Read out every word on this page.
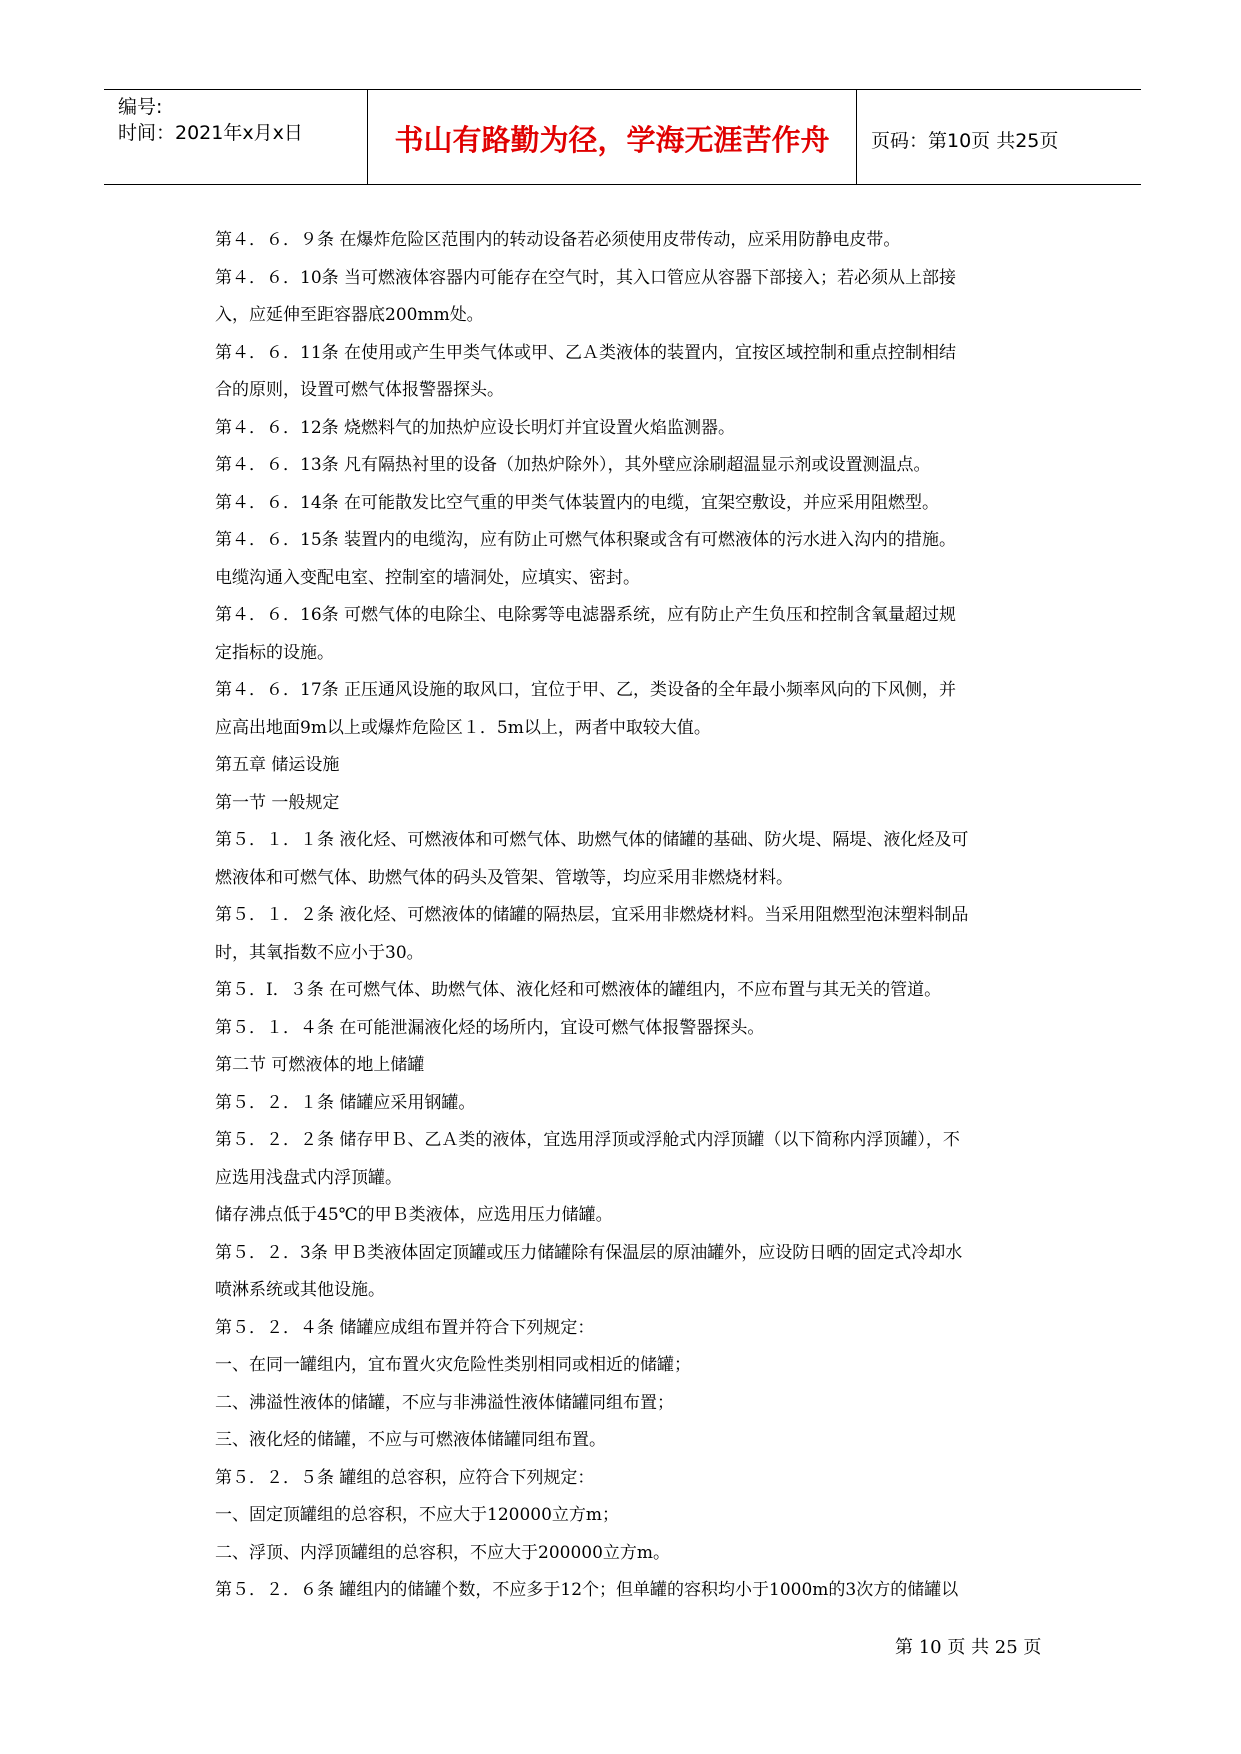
编号:
时间：2021年x月x日	书山有路勤为径，学海无涯苦作舟	页码：第10页 共25页
第４．６．９条 在爆炸危险区范围内的转动设备若必须使用皮带传动，应采用防静电皮带。
第４．６．10条 当可燃液体容器内可能存在空气时，其入口管应从容器下部接入；若必须从上部接
入，应延伸至距容器底200mm处。
第４．６．11条 在使用或产生甲类气体或甲、乙Ａ类液体的装置内，宜按区域控制和重点控制相结
合的原则，设置可燃气体报警器探头。
第４．６．12条 烧燃料气的加热炉应设长明灯并宜设置火焰监测器。
第４．６．13条 凡有隔热衬里的设备（加热炉除外），其外壁应涂刷超温显示剂或设置测温点。
第４．６．14条 在可能散发比空气重的甲类气体装置内的电缆，宜架空敷设，并应采用阻燃型。
第４．６．15条 装置内的电缆沟，应有防止可燃气体积聚或含有可燃液体的污水进入沟内的措施。
电缆沟通入变配电室、控制室的墙洞处，应填实、密封。
第４．６．16条 可燃气体的电除尘、电除雾等电滤器系统，应有防止产生负压和控制含氧量超过规
定指标的设施。
第４．６．17条 正压通风设施的取风口，宜位于甲、乙，类设备的全年最小频率风向的下风侧，并
应高出地面9m以上或爆炸危险区１．5m以上，两者中取较大值。
第五章 储运设施
第一节 一般规定
第５．１．１条 液化烃、可燃液体和可燃气体、助燃气体的储罐的基础、防火堤、隔堤、液化烃及可
燃液体和可燃气体、助燃气体的码头及管架、管墩等，均应采用非燃烧材料。
第５．１．２条 液化烃、可燃液体的储罐的隔热层，宜采用非燃烧材料。当采用阻燃型泡沫塑料制品
时，其氧指数不应小于30。
第５．I．３条 在可燃气体、助燃气体、液化烃和可燃液体的罐组内，不应布置与其无关的管道。
第５．１．４条 在可能泄漏液化烃的场所内，宜设可燃气体报警器探头。
第二节 可燃液体的地上储罐
第５．２．１条 储罐应采用钢罐。
第５．２．２条 储存甲Ｂ、乙Ａ类的液体，宜选用浮顶或浮舱式内浮顶罐（以下简称内浮顶罐），不
应选用浅盘式内浮顶罐。
储存沸点低于45℃的甲Ｂ类液体，应选用压力储罐。
第５．２．3条 甲Ｂ类液体固定顶罐或压力储罐除有保温层的原油罐外，应设防日晒的固定式冷却水
喷淋系统或其他设施。
第５．２．４条 储罐应成组布置并符合下列规定：
一、在同一罐组内，宜布置火灾危险性类别相同或相近的储罐；
二、沸溢性液体的储罐，不应与非沸溢性液体储罐同组布置；
三、液化烃的储罐，不应与可燃液体储罐同组布置。
第５．２．５条 罐组的总容积，应符合下列规定：
一、固定顶罐组的总容积，不应大于120000立方m；
二、浮顶、内浮顶罐组的总容积，不应大于200000立方m。
第５．２．６条 罐组内的储罐个数，不应多于12个；但单罐的容积均小于1000m的3次方的储罐以
第 10 页 共 25 页
